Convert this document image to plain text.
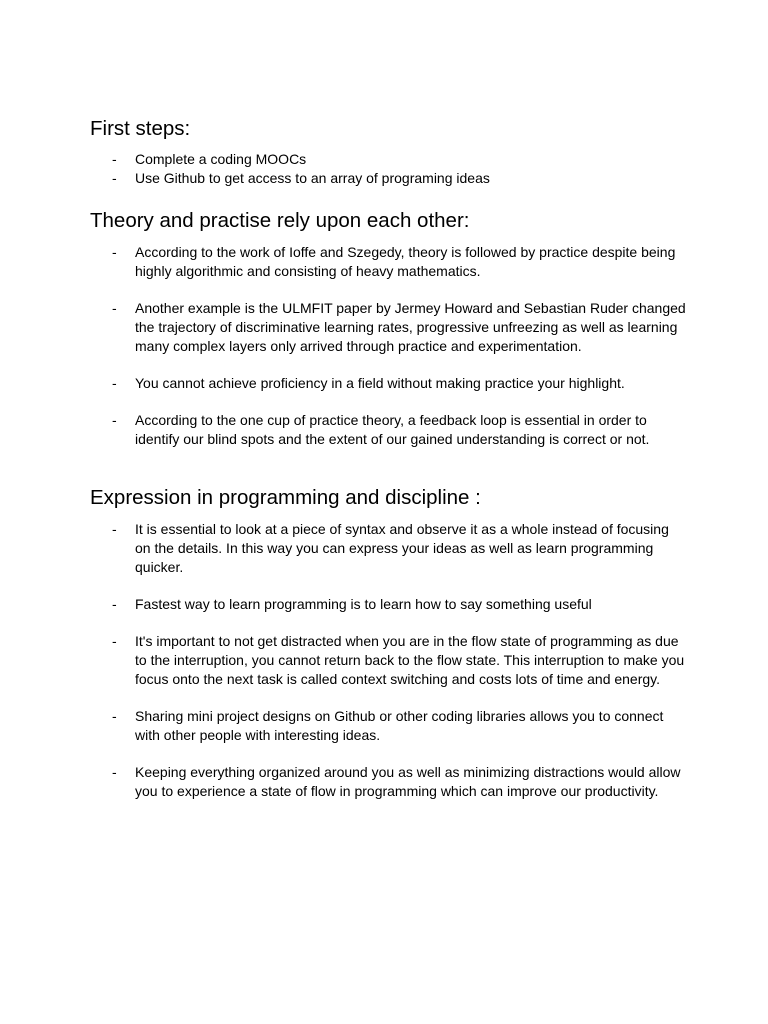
First steps:
- Complete a coding MOOCs
- Use Github to get access to an array of programing ideas
Theory and practise rely upon each other:
- According to the work of Ioffe and Szegedy, theory is followed by practice despite being highly algorithmic and consisting of heavy mathematics.
- Another example is the ULMFIT paper by Jermey Howard and Sebastian Ruder changed the trajectory of discriminative learning rates, progressive unfreezing as well as learning many complex layers only arrived through practice and experimentation.
- You cannot achieve proficiency in a field without making practice your highlight.
- According to the one cup of practice theory, a feedback loop is essential in order to identify our blind spots and the extent of our gained understanding is correct or not.
Expression in programming and discipline :
- It is essential to look at a piece of syntax and observe it as a whole instead of focusing on the details. In this way you can express your ideas as well as learn programming quicker.
- Fastest way to learn programming is to learn how to say something useful
- It's important to not get distracted when you are in the flow state of programming as due to the interruption, you cannot return back to the flow state. This interruption to make you focus onto the next task is called context switching and costs lots of time and energy.
- Sharing mini project designs on Github or other coding libraries allows you to connect with other people with interesting ideas.
- Keeping everything organized around you as well as minimizing distractions would allow you to experience a state of flow in programming which can improve our productivity.
